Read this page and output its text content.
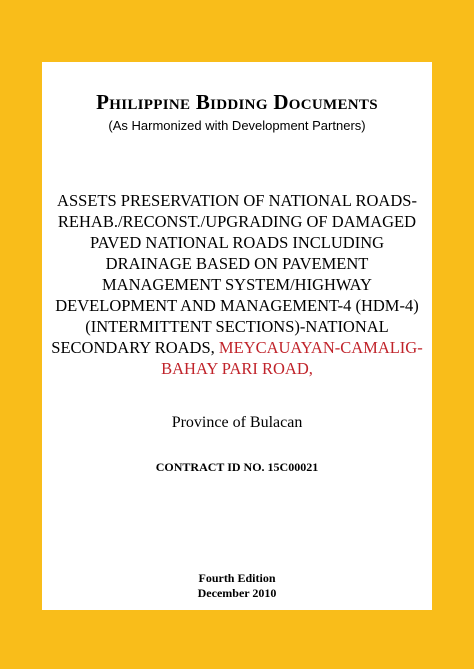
Philippine Bidding Documents
(As Harmonized with Development Partners)
ASSETS PRESERVATION OF NATIONAL ROADS-REHAB./RECONST./UPGRADING OF DAMAGED PAVED NATIONAL ROADS INCLUDING DRAINAGE BASED ON PAVEMENT MANAGEMENT SYSTEM/HIGHWAY DEVELOPMENT AND MANAGEMENT-4 (HDM-4) (INTERMITTENT SECTIONS)-NATIONAL SECONDARY ROADS, MEYCAUAYAN-CAMALIG-BAHAY PARI ROAD,
Province of Bulacan
CONTRACT ID NO. 15C00021
Fourth Edition
December 2010
